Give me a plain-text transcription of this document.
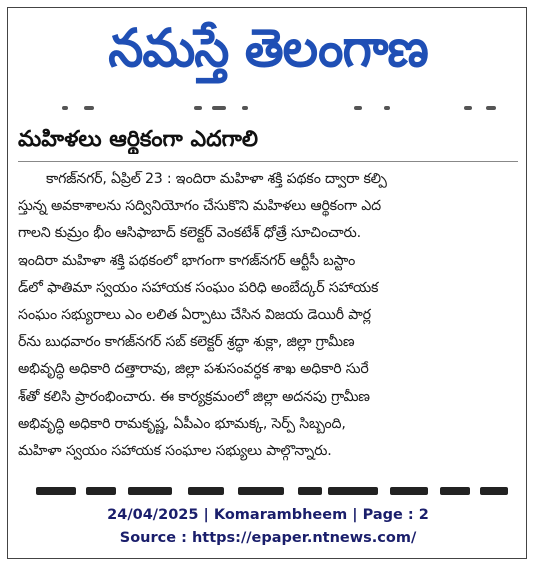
నమస్తే తెలంగాణ
మహిళలు ఆర్థికంగా ఎదగాలి
కాగజ్‌నగర్, ఏప్రిల్ 23 : ఇందిరా మహిళా శక్తి పథకం ద్వారా కల్పి
స్తున్న అవకాశాలను సద్వినియోగం చేసుకొని మహిళలు ఆర్థికంగా ఎద
గాలని కుమ్రం భీం ఆసిఫాబాద్ కలెక్టర్ వెంకటేశ్ ధోత్రే సూచించారు.
ఇందిరా మహిళా శక్తి పథకంలో భాగంగా కాగజ్‌నగర్ ఆర్టీసీ బస్టాం
డ్‌లో ఫాతిమా స్వయం సహాయక సంఘం పరిధి అంబేద్కర్ సహాయక
సంఘం సభ్యురాలు ఎం లలిత ఏర్పాటు చేసిన విజయ డెయిరీ పార్ల
ర్‌ను బుధవారం కాగజ్‌నగర్ సబ్ కలెక్టర్ శ్రద్ధా శుక్లా, జిల్లా గ్రామీణ
అభివృద్ధి అధికారి దత్తారావు, జిల్లా పశుసంవర్ధక శాఖ అధికారి సురే
శ్‌తో కలిసి ప్రారంభించారు. ఈ కార్యక్రమంలో జిల్లా అదనపు గ్రామీణ
అభివృద్ధి అధికారి రామకృష్ణ, ఏపీఎం భూమక్క, సెర్ప్ సిబ్బంది,
మహిళా స్వయం సహాయక సంఘాల సభ్యులు పాల్గొన్నారు.
24/04/2025 | Komarambheem | Page : 2
Source : https://epaper.ntnews.com/
